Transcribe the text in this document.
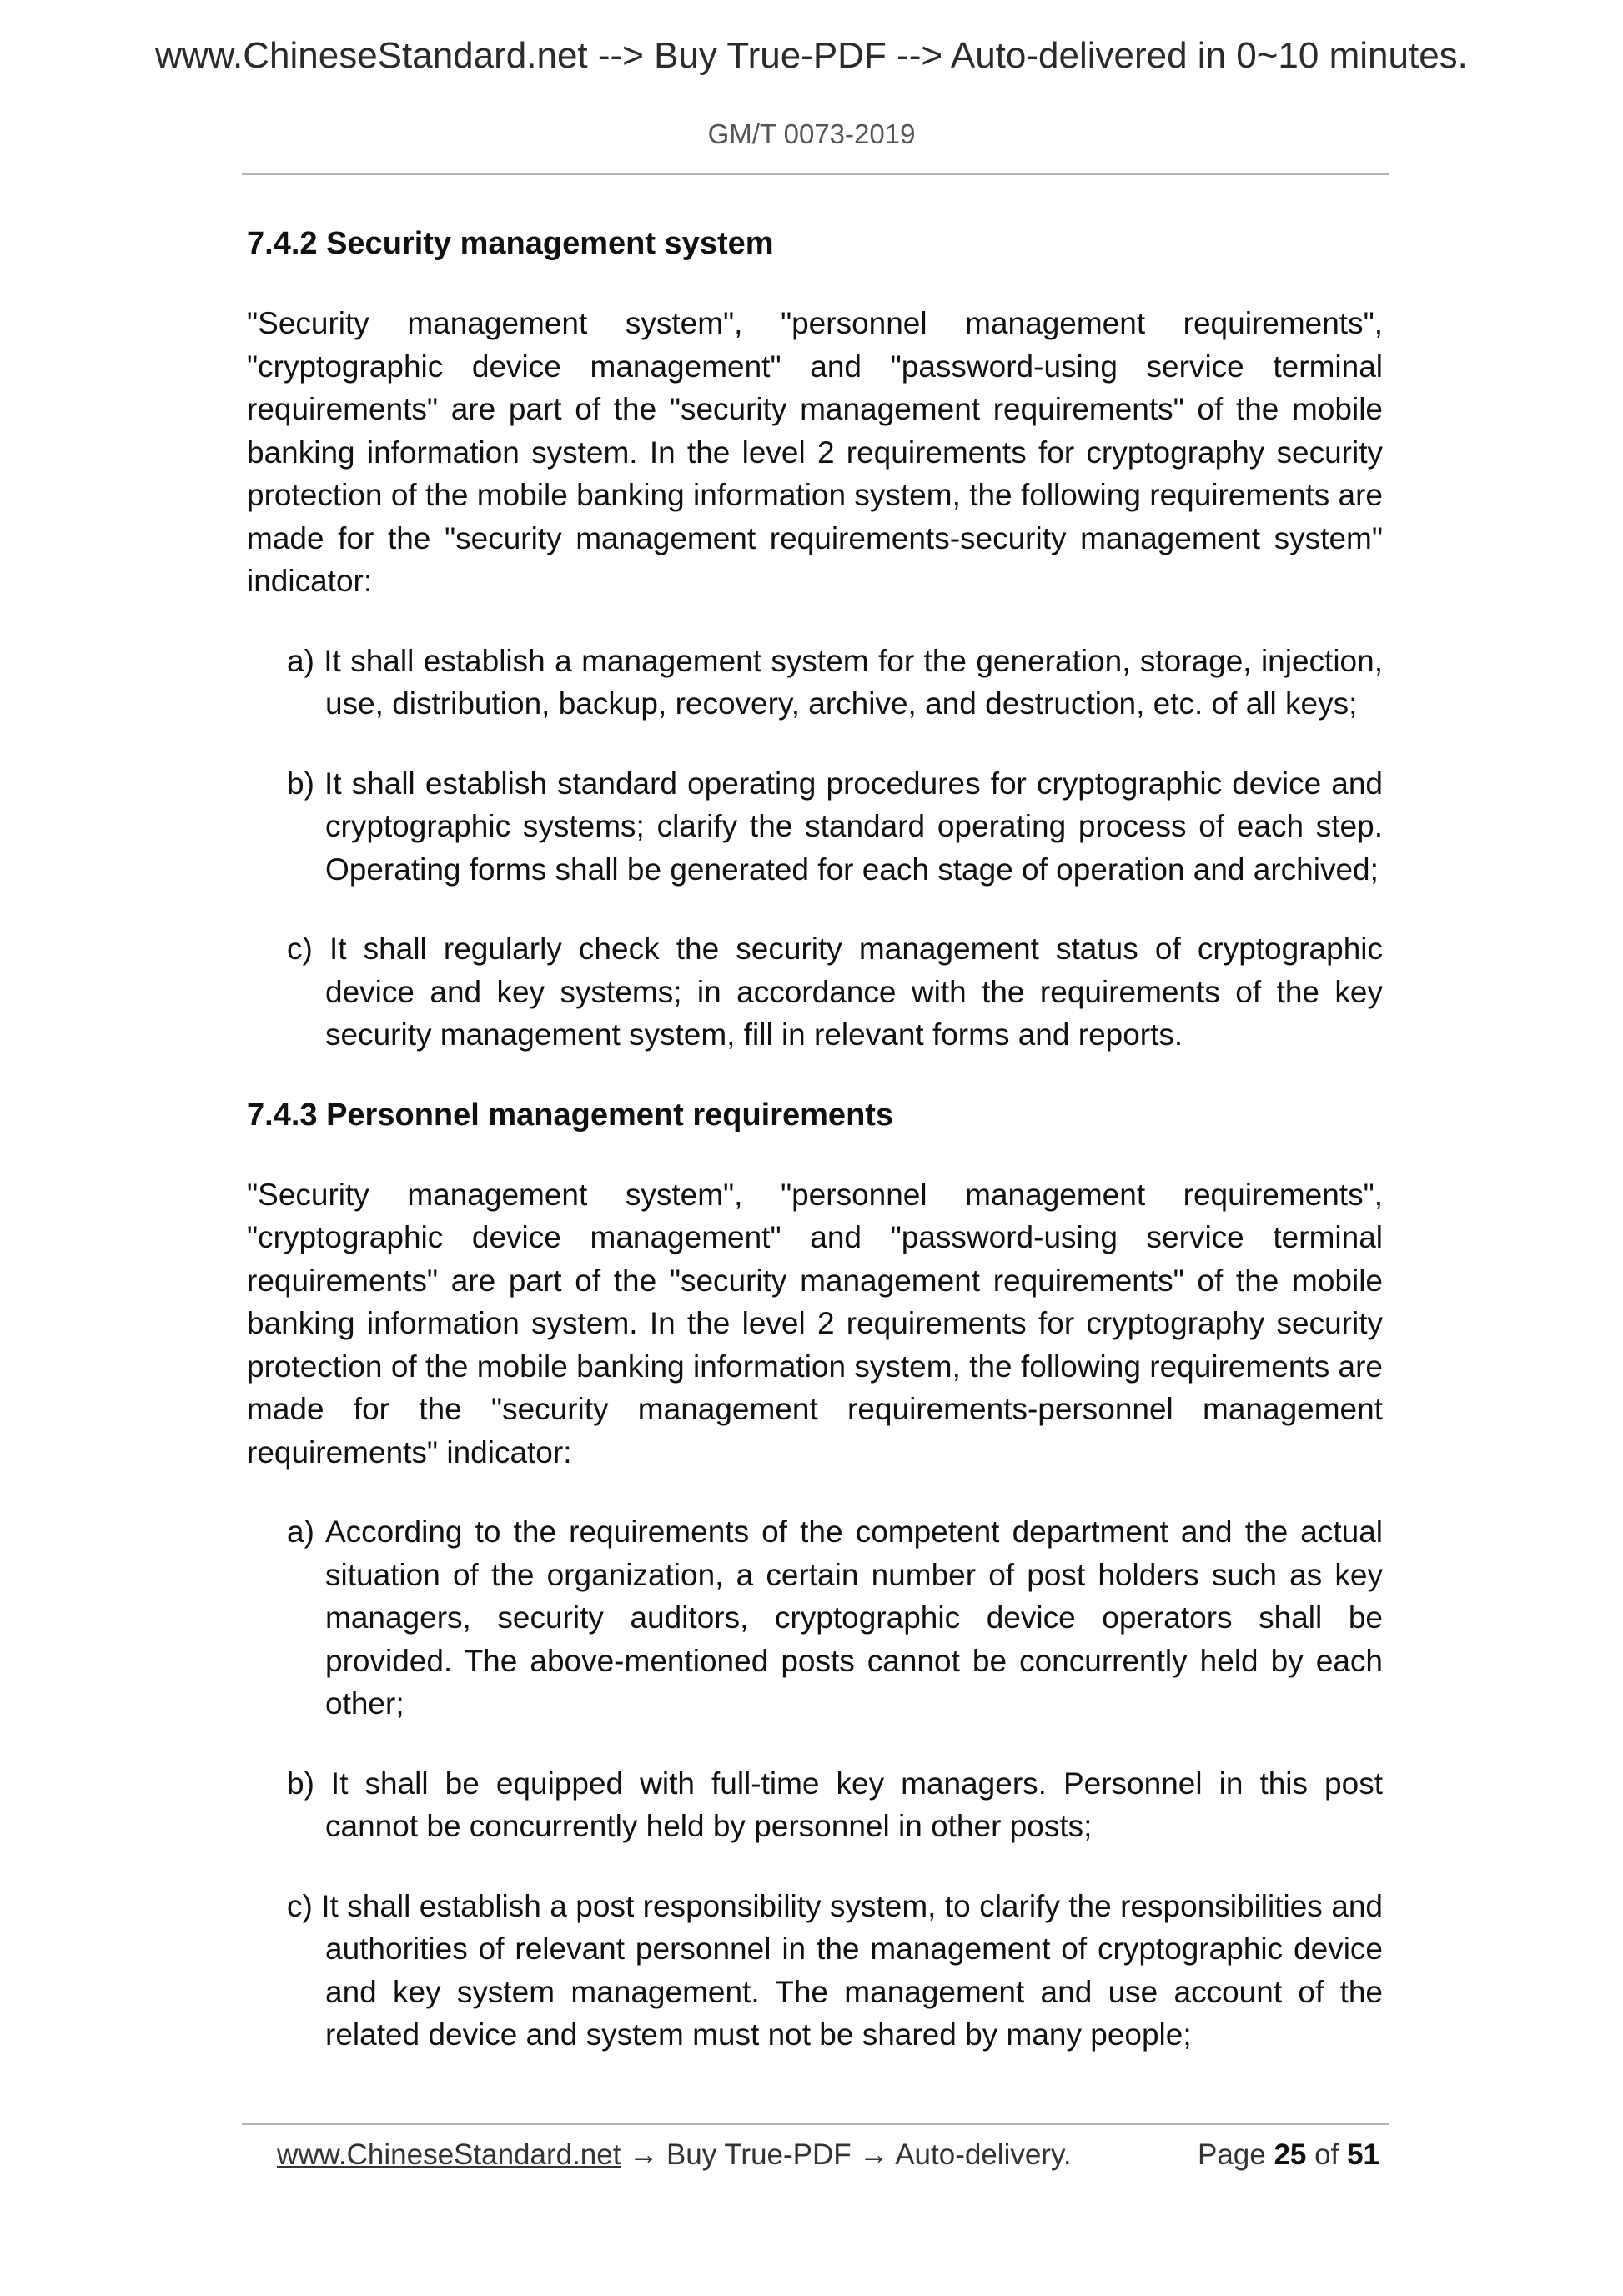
www.ChineseStandard.net --> Buy True-PDF --> Auto-delivered in 0~10 minutes.
GM/T 0073-2019
7.4.2 Security management system

"Security management system", "personnel management requirements", "cryptographic device management" and "password-using service terminal requirements" are part of the "security management requirements" of the mobile banking information system. In the level 2 requirements for cryptography security protection of the mobile banking information system, the following requirements are made for the "security management requirements-security management system" indicator:

a) It shall establish a management system for the generation, storage, injection, use, distribution, backup, recovery, archive, and destruction, etc. of all keys;
b) It shall establish standard operating procedures for cryptographic device and cryptographic systems; clarify the standard operating process of each step. Operating forms shall be generated for each stage of operation and archived;
c) It shall regularly check the security management status of cryptographic device and key systems; in accordance with the requirements of the key security management system, fill in relevant forms and reports.
7.4.3 Personnel management requirements

"Security management system", "personnel management requirements", "cryptographic device management" and "password-using service terminal requirements" are part of the "security management requirements" of the mobile banking information system. In the level 2 requirements for cryptography security protection of the mobile banking information system, the following requirements are made for the "security management requirements-personnel management requirements" indicator:

a) According to the requirements of the competent department and the actual situation of the organization, a certain number of post holders such as key managers, security auditors, cryptographic device operators shall be provided. The above-mentioned posts cannot be concurrently held by each other;
b) It shall be equipped with full-time key managers. Personnel in this post cannot be concurrently held by personnel in other posts;
c) It shall establish a post responsibility system, to clarify the responsibilities and authorities of relevant personnel in the management of cryptographic device and key system management. The management and use account of the related device and system must not be shared by many people;
www.ChineseStandard.net → Buy True-PDF → Auto-delivery.	Page 25 of 51
